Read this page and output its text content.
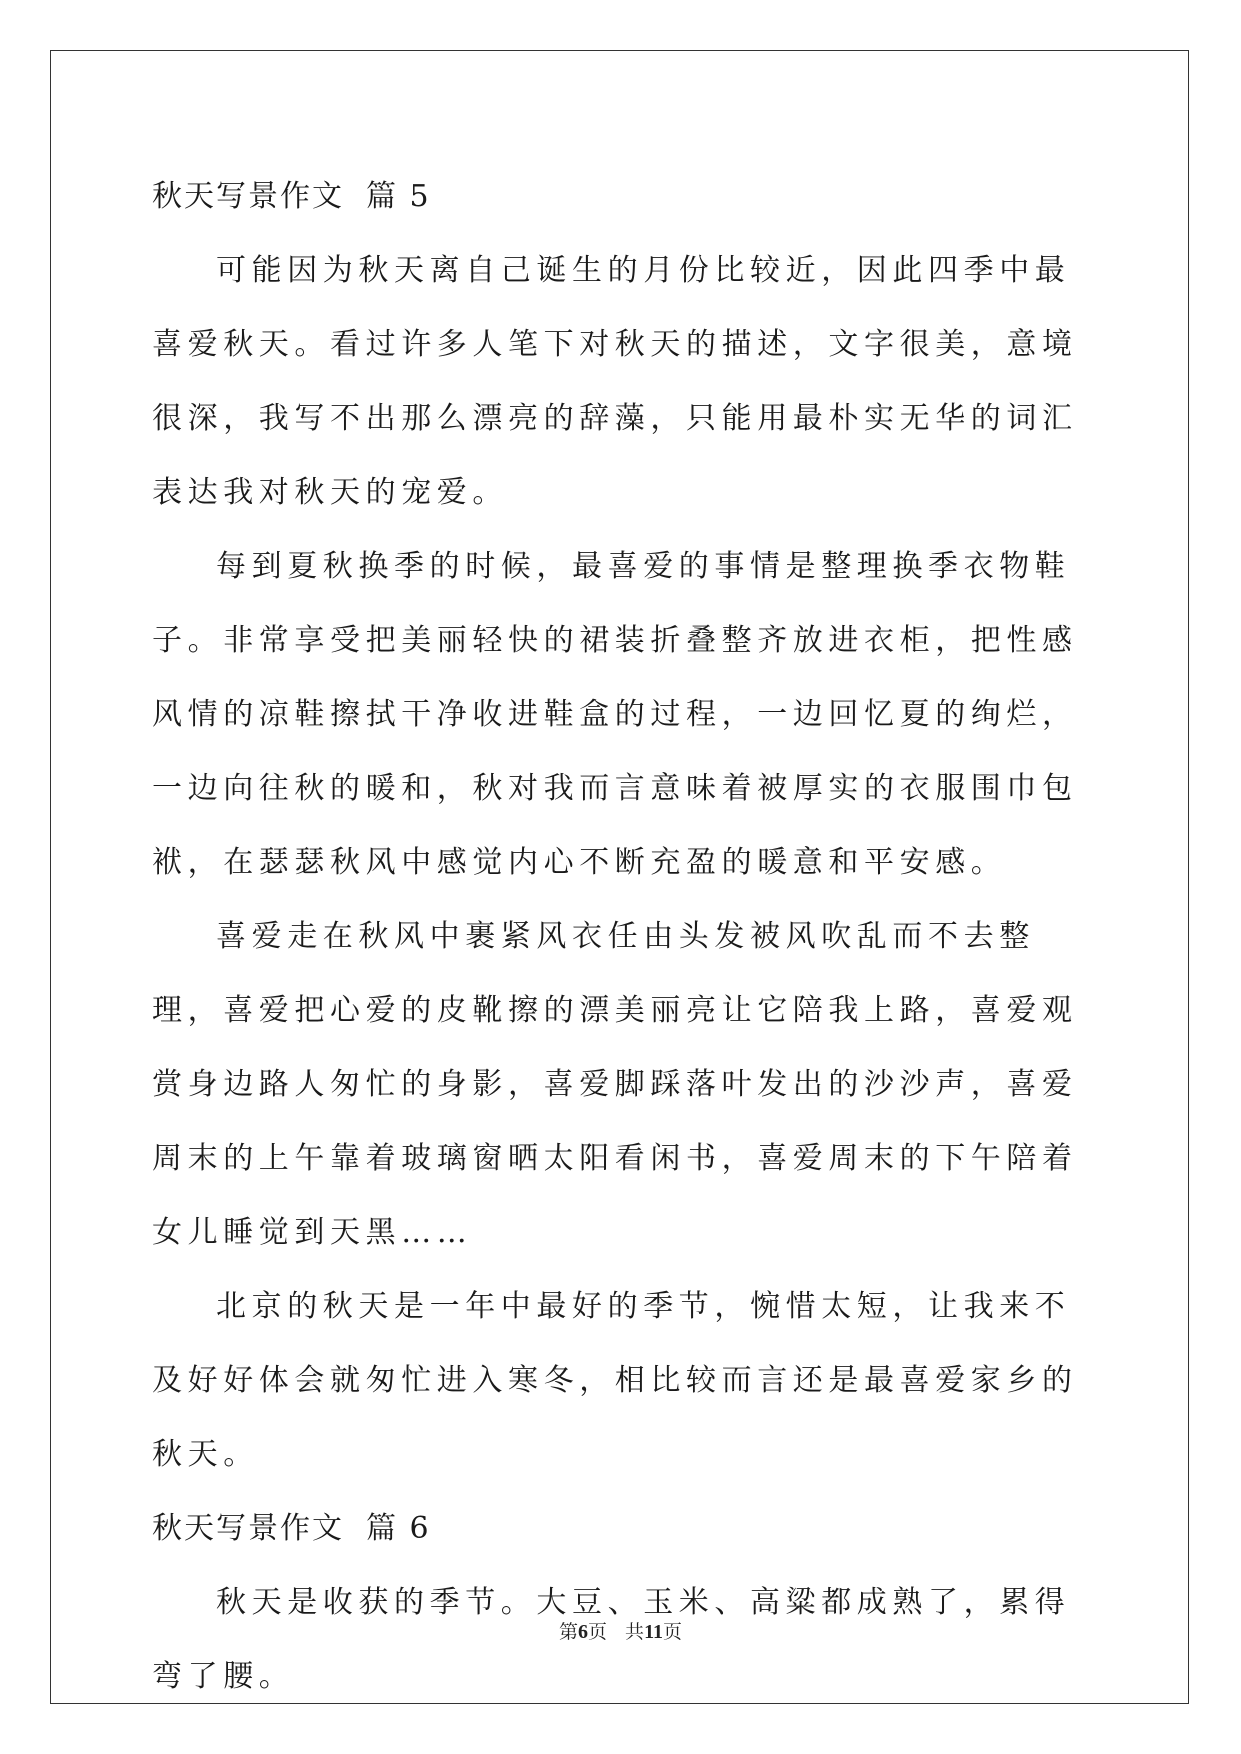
秋天写景作文 篇 5

可能因为秋天离自己诞生的月份比较近，因此四季中最喜爱秋天。看过许多人笔下对秋天的描述，文字很美，意境很深，我写不出那么漂亮的辞藻，只能用最朴实无华的词汇表达我对秋天的宠爱。

每到夏秋换季的时候，最喜爱的事情是整理换季衣物鞋子。非常享受把美丽轻快的裙装折叠整齐放进衣柜，把性感风情的凉鞋擦拭干净收进鞋盒的过程，一边回忆夏的绚烂，一边向往秋的暖和，秋对我而言意味着被厚实的衣服围巾包袱，在瑟瑟秋风中感觉内心不断充盈的暖意和平安感。

喜爱走在秋风中裹紧风衣任由头发被风吹乱而不去整理，喜爱把心爱的皮靴擦的漂美丽亮让它陪我上路，喜爱观赏身边路人匆忙的身影，喜爱脚踩落叶发出的沙沙声，喜爱周末的上午靠着玻璃窗晒太阳看闲书，喜爱周末的下午陪着女儿睡觉到天黑……

北京的秋天是一年中最好的季节，惋惜太短，让我来不及好好体会就匆忙进入寒冬，相比较而言还是最喜爱家乡的秋天。

秋天写景作文 篇 6

秋天是收获的季节。大豆、玉米、高粱都成熟了，累得弯了腰。

第6页 共11页
